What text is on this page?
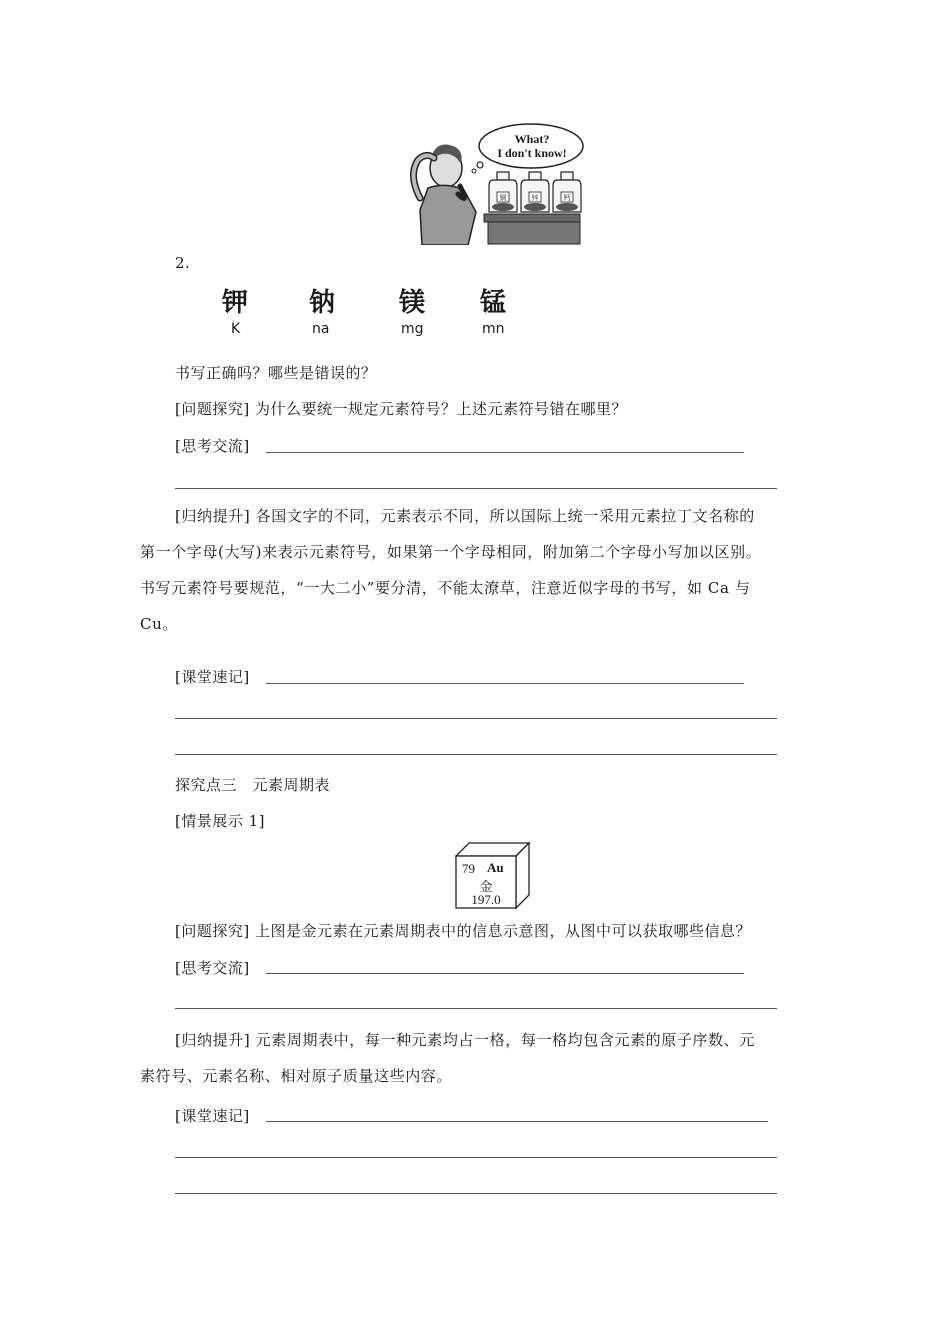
What?
I don't know!
铜	锌	钙
2.
钾 钠 镁 锰
K	na	mg	mn
书写正确吗？哪些是错误的？
[问题探究] 为什么要统一规定元素符号？上述元素符号错在哪里？
[思考交流]
[归纳提升] 各国文字的不同，元素表示不同，所以国际上统一采用元素拉丁文名称的
第一个字母(大写)来表示元素符号，如果第一个字母相同，附加第二个字母小写加以区别。
书写元素符号要规范，“一大二小”要分清，不能太潦草，注意近似字母的书写，如 Ca 与
Cu。
[课堂速记]
探究点三　元素周期表
[情景展示 1]
79 Au
金
197.0
[问题探究] 上图是金元素在元素周期表中的信息示意图，从图中可以获取哪些信息？
[思考交流]
[归纳提升] 元素周期表中，每一种元素均占一格，每一格均包含元素的原子序数、元
素符号、元素名称、相对原子质量这些内容。
[课堂速记]
